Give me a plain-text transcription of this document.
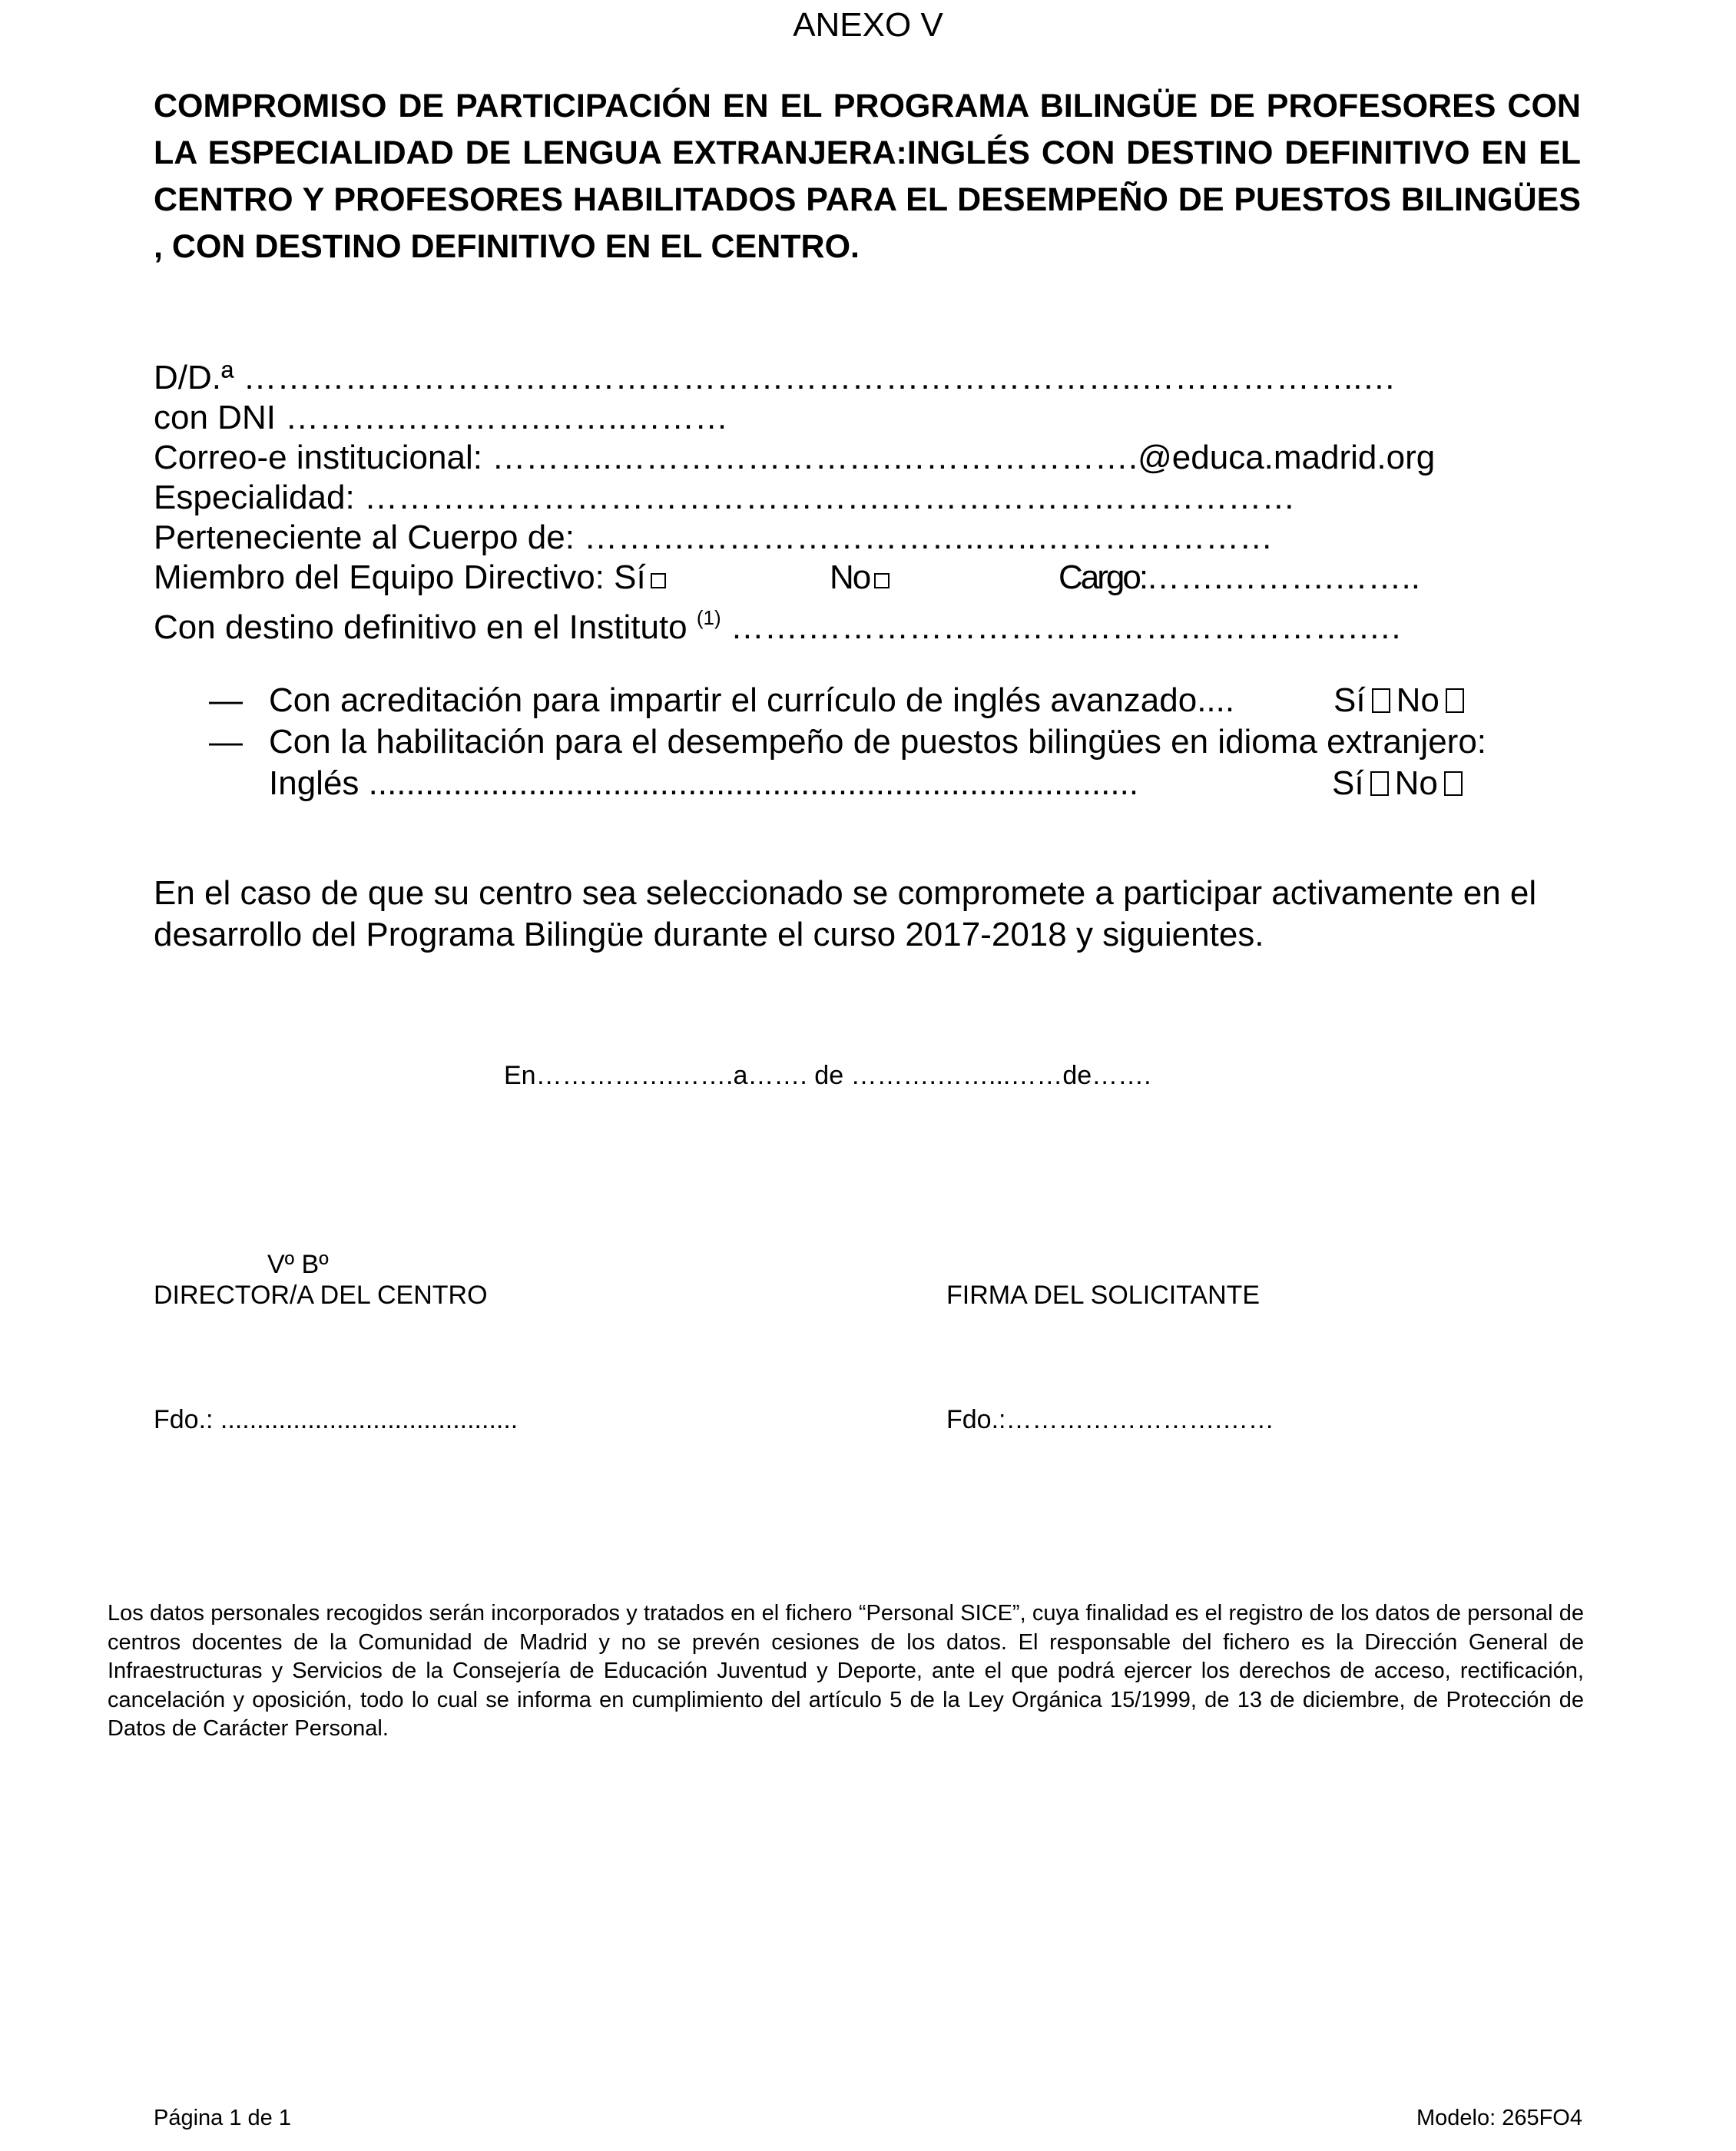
ANEXO V
COMPROMISO DE PARTICIPACIÓN EN EL PROGRAMA BILINGÜE DE PROFESORES CON LA ESPECIALIDAD DE LENGUA EXTRANJERA:INGLÉS CON DESTINO DEFINITIVO EN EL CENTRO Y PROFESORES HABILITADOS PARA EL DESEMPEÑO DE PUESTOS BILINGÜES , CON DESTINO DEFINITIVO EN EL CENTRO.
D/D.ª ……………………………………………………………………..………………..…
con DNI ……….………….……..………
Correo-e institucional: ………..…………………….………………….@educa.madrid.org
Especialidad: ……….……………………………….………………………………
Perteneciente al Cuerpo de: ……….……………………..…..…………………
Miembro del Equipo Directivo: Sí	No	Cargo:…….……….……..
Con destino definitivo en el Instituto $^{(1)}$ …….………………………………………….….
— Con acreditación para impartir el currículo de inglés avanzado....	Sí No
— Con la habilitación para el desempeño de puestos bilingües en idioma extranjero:
Inglés ..................................................................................	Sí No
En el caso de que su centro sea seleccionado se compromete a participar activamente en el desarrollo del Programa Bilingüe durante el curso 2017-2018 y siguientes.
En…………….…….a……. de ……….……...……de…….
Vº Bº
DIRECTOR/A DEL CENTRO	FIRMA DEL SOLICITANTE
Fdo.: .........................................	Fdo.:…………………….……
Los datos personales recogidos serán incorporados y tratados en el fichero “Personal SICE”, cuya finalidad es el registro de los datos de personal de centros docentes de la Comunidad de Madrid y no se prevén cesiones de los datos. El responsable del fichero es la Dirección General de Infraestructuras y Servicios de la Consejería de Educación Juventud y Deporte, ante el que podrá ejercer los derechos de acceso, rectificación, cancelación y oposición, todo lo cual se informa en cumplimiento del artículo 5 de la Ley Orgánica 15/1999, de 13 de diciembre, de Protección de Datos de Carácter Personal.
Página 1 de 1	Modelo: 265FO4
